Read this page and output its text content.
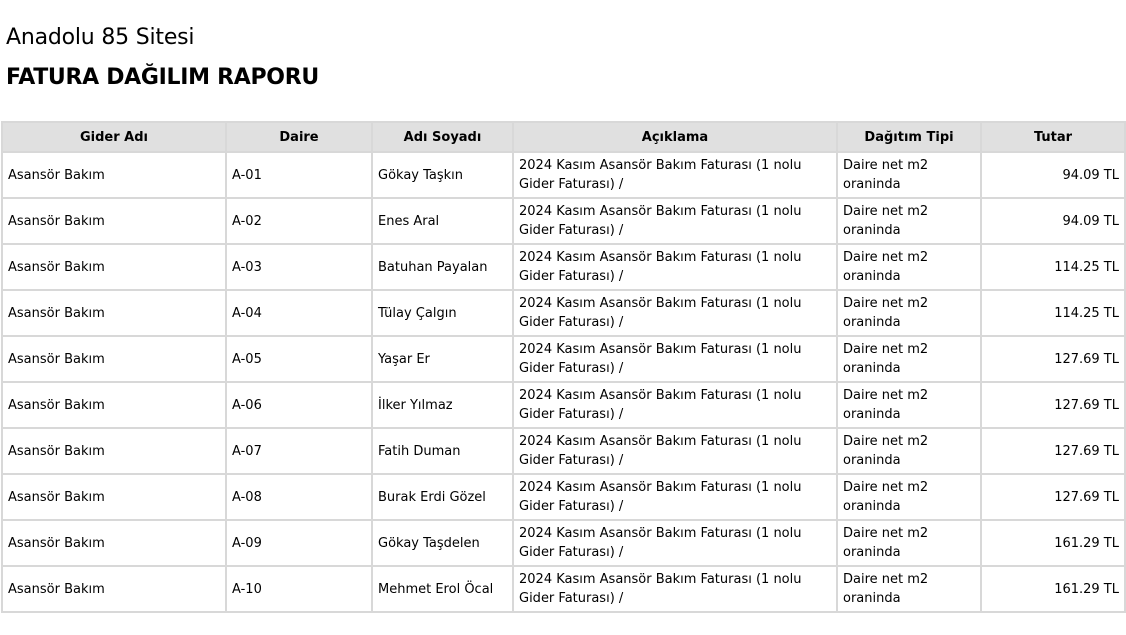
Anadolu 85 Sitesi
FATURA DAĞILIM RAPORU
Gider Adı	Daire	Adı Soyadı	Açıklama	Dağıtım Tipi	Tutar
Asansör Bakım	A-01	Gökay Taşkın	2024 Kasım Asansör Bakım Faturası (1 nolu Gider Faturası) /	Daire net m2 oraninda	94.09 TL
Asansör Bakım	A-02	Enes Aral	2024 Kasım Asansör Bakım Faturası (1 nolu Gider Faturası) /	Daire net m2 oraninda	94.09 TL
Asansör Bakım	A-03	Batuhan Payalan	2024 Kasım Asansör Bakım Faturası (1 nolu Gider Faturası) /	Daire net m2 oraninda	114.25 TL
Asansör Bakım	A-04	Tülay Çalgın	2024 Kasım Asansör Bakım Faturası (1 nolu Gider Faturası) /	Daire net m2 oraninda	114.25 TL
Asansör Bakım	A-05	Yaşar Er	2024 Kasım Asansör Bakım Faturası (1 nolu Gider Faturası) /	Daire net m2 oraninda	127.69 TL
Asansör Bakım	A-06	İlker Yılmaz	2024 Kasım Asansör Bakım Faturası (1 nolu Gider Faturası) /	Daire net m2 oraninda	127.69 TL
Asansör Bakım	A-07	Fatih Duman	2024 Kasım Asansör Bakım Faturası (1 nolu Gider Faturası) /	Daire net m2 oraninda	127.69 TL
Asansör Bakım	A-08	Burak Erdi Gözel	2024 Kasım Asansör Bakım Faturası (1 nolu Gider Faturası) /	Daire net m2 oraninda	127.69 TL
Asansör Bakım	A-09	Gökay Taşdelen	2024 Kasım Asansör Bakım Faturası (1 nolu Gider Faturası) /	Daire net m2 oraninda	161.29 TL
Asansör Bakım	A-10	Mehmet Erol Öcal	2024 Kasım Asansör Bakım Faturası (1 nolu Gider Faturası) /	Daire net m2 oraninda	161.29 TL
